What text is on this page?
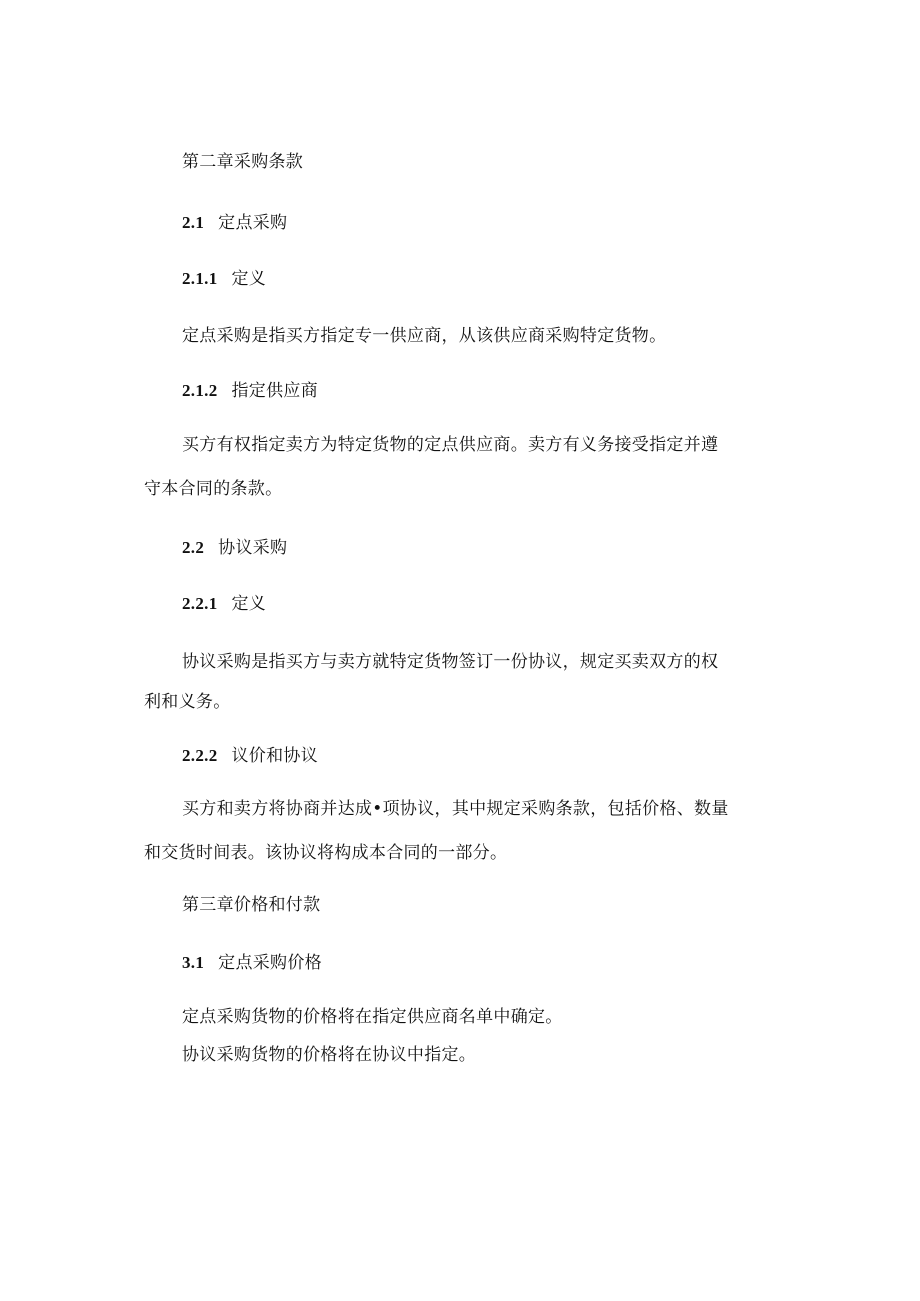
第二章采购条款
2.1 定点采购
2.1.1 定义
定点采购是指买方指定专一供应商，从该供应商采购特定货物。
2.1.2 指定供应商
买方有权指定卖方为特定货物的定点供应商。卖方有义务接受指定并遵
守本合同的条款。
2.2 协议采购
2.2.1 定义
协议采购是指买方与卖方就特定货物签订一份协议，规定买卖双方的权
利和义务。
2.2.2 议价和协议
买方和卖方将协商并达成•项协议，其中规定采购条款，包括价格、数量
和交货时间表。该协议将构成本合同的一部分。
第三章价格和付款
3.1 定点采购价格
定点采购货物的价格将在指定供应商名单中确定。
协议采购货物的价格将在协议中指定。
